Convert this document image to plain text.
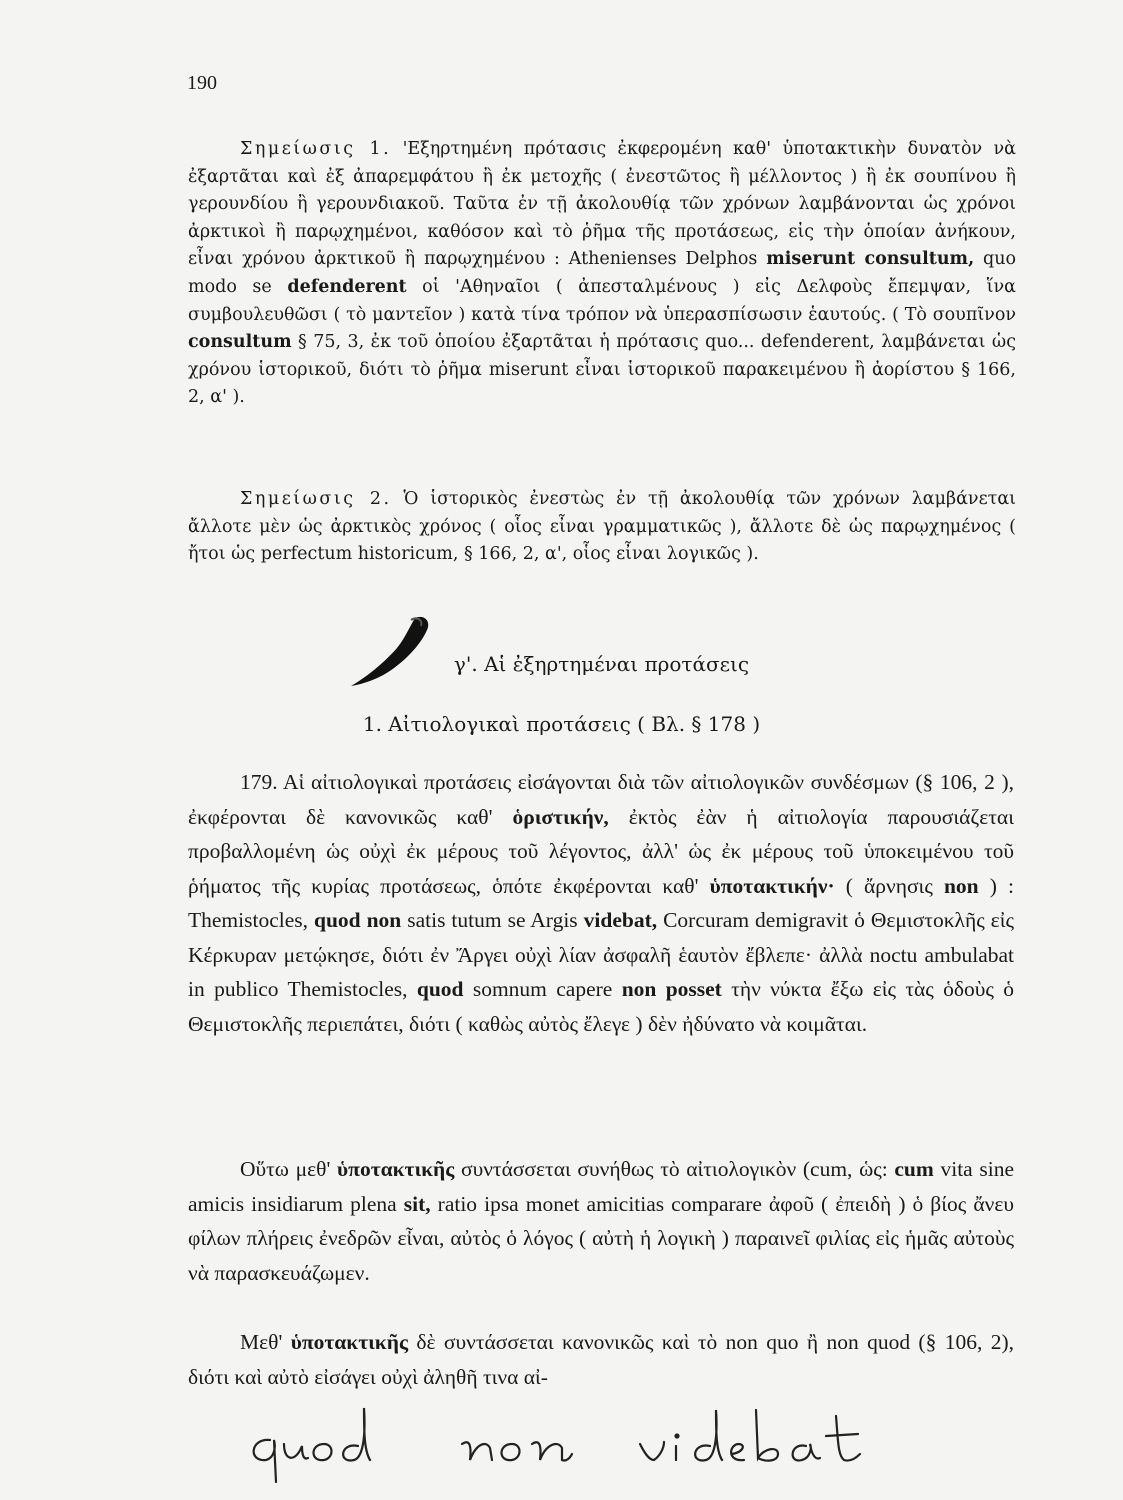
190

Σημείωσις 1. 'Εξηρτημένη πρότασις ἐκφερομένη καθ' ὑποτακτικὴν δυνατὸν νὰ ἐξαρτᾶται καὶ ἐξ ἀπαρεμφάτου ἢ ἐκ μετοχῆς ( ἐνεστῶτος ἢ μέλλοντος ) ἢ ἐκ σουπίνου ἢ γερουνδίου ἢ γερουνδιακοῦ. Ταῦτα ἐν τῇ ἀκολουθίᾳ τῶν χρόνων λαμβάνονται ὡς χρόνοι ἀρκτικοὶ ἢ παρῳχημένοι, καθόσον καὶ τὸ ῥῆμα τῆς προτάσεως, εἰς τὴν ὁποίαν ἀνήκουν, εἶναι χρόνου ἀρκτικοῦ ἢ παρῳχημένου : Athenienses Delphos miserunt consultum, quo modo se defenderent οἱ 'Αθηναῖοι ( ἀπεσταλμένους ) εἰς Δελφοὺς ἔπεμψαν, ἵνα συμβουλευθῶσι ( τὸ μαντεῖον ) κατὰ τίνα τρόπον νὰ ὑπερασπίσωσιν ἑαυτούς. ( Τὸ σουπῖνον consultum § 75, 3, ἐκ τοῦ ὁποίου ἐξαρτᾶται ἡ πρότασις quo... defenderent, λαμβάνεται ὡς χρόνου ἱστορικοῦ, διότι τὸ ῥῆμα miserunt εἶναι ἱστορικοῦ παρακειμένου ἢ ἀορίστου § 166, 2, α' ).

Σημείωσις 2. Ὁ ἱστορικὸς ἐνεστὼς ἐν τῇ ἀκολουθίᾳ τῶν χρόνων λαμβάνεται ἄλλοτε μὲν ὡς ἀρκτικὸς χρόνος ( οἷος εἶναι γραμματικῶς ), ἄλλοτε δὲ ὡς παρῳχημένος ( ἤτοι ὡς perfectum historicum, § 166, 2, α', οἷος εἶναι λογικῶς ).

γ'. Αἱ ἐξηρτημέναι προτάσεις
1. Αἰτιολογικαὶ προτάσεις ( Βλ. § 178 )

179. Αἱ αἰτιολογικαὶ προτάσεις εἰσάγονται διὰ τῶν αἰτιολογικῶν συνδέσμων (§ 106, 2 ), ἐκφέρονται δὲ κανονικῶς καθ' ὁριστικήν, ἐκτὸς ἐὰν ἡ αἰτιολογία παρουσιάζεται προβαλλομένη ὡς οὐχὶ ἐκ μέρους τοῦ λέγοντος, ἀλλ' ὡς ἐκ μέρους τοῦ ὑποκειμένου τοῦ ῥήματος τῆς κυρίας προτάσεως, ὁπότε ἐκφέρονται καθ' ὑποτακτικήν· ( ἄρνησις non ) : Themistocles, quod non satis tutum se Argis videbat, Corcuram demigravit ὁ Θεμιστοκλῆς εἰς Κέρκυραν μετῴκησε, διότι ἐν Ἄργει οὐχὶ λίαν ἀσφαλῆ ἑαυτὸν ἔβλεπε· ἀλλὰ noctu ambulabat in publico Themistocles, quod somnum capere non posset τὴν νύκτα ἔξω εἰς τὰς ὁδοὺς ὁ Θεμιστοκλῆς περιεπάτει, διότι ( καθὼς αὐτὸς ἔλεγε ) δὲν ἠδύνατο νὰ κοιμᾶται.

Οὕτω μεθ' ὑποτακτικῆς συντάσσεται συνήθως τὸ αἰτιολογικὸν (cum, ὡς: cum vita sine amicis insidiarum plena sit, ratio ipsa monet amicitias comparare ἀφοῦ ( ἐπειδὴ ) ὁ βίος ἄνευ φίλων πλήρεις ἐνεδρῶν εἶναι, αὐτὸς ὁ λόγος ( αὐτὴ ἡ λογικὴ ) παραινεῖ φιλίας εἰς ἡμᾶς αὐτοὺς νὰ παρασκευάζωμεν.

Μεθ' ὑποτακτικῆς δὲ συντάσσεται κανονικῶς καὶ τὸ non quo ἢ non quod (§ 106, 2), διότι καὶ αὐτὸ εἰσάγει οὐχὶ ἀληθῆ τινα αἰ-
